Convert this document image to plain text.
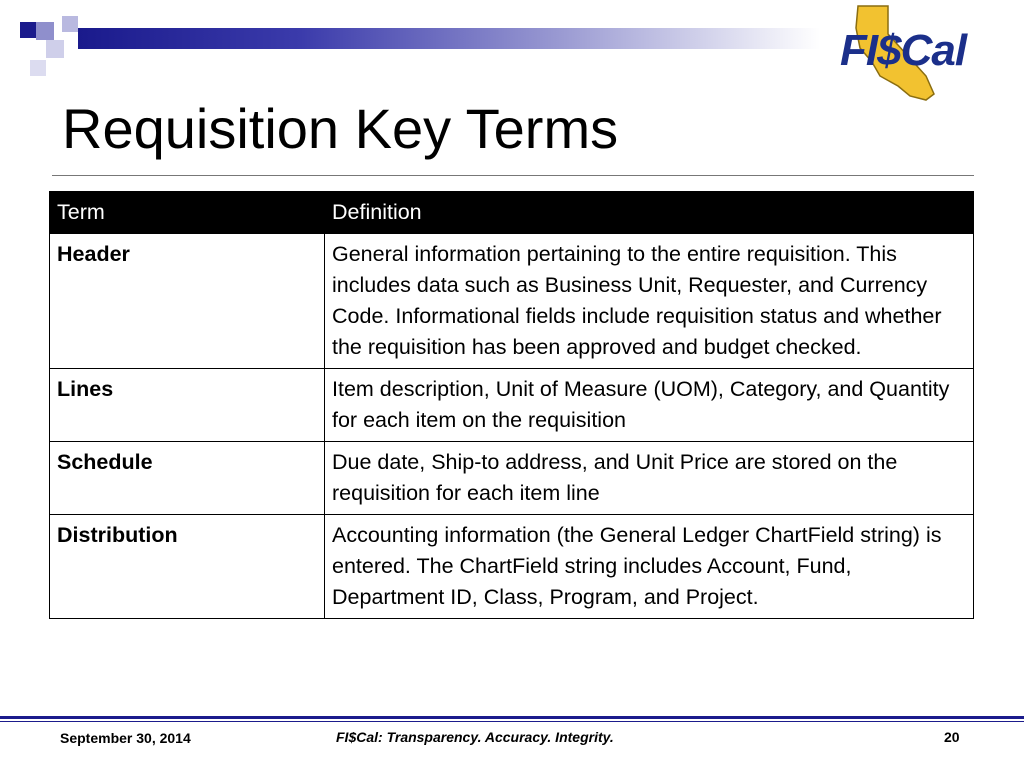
FI$Cal
Requisition Key Terms
Term	Definition
Header	General information pertaining to the entire requisition. This includes data such as Business Unit, Requester, and Currency Code. Informational fields include requisition status and whether the requisition has been approved and budget checked.
Lines	Item description, Unit of Measure (UOM), Category, and Quantity for each item on the requisition
Schedule	Due date, Ship-to address, and Unit Price are stored on the requisition for each item line
Distribution	Accounting information (the General Ledger ChartField string) is entered. The ChartField string includes Account, Fund, Department ID, Class, Program, and Project.
September 30, 2014	FI$Cal: Transparency. Accuracy. Integrity.	20
